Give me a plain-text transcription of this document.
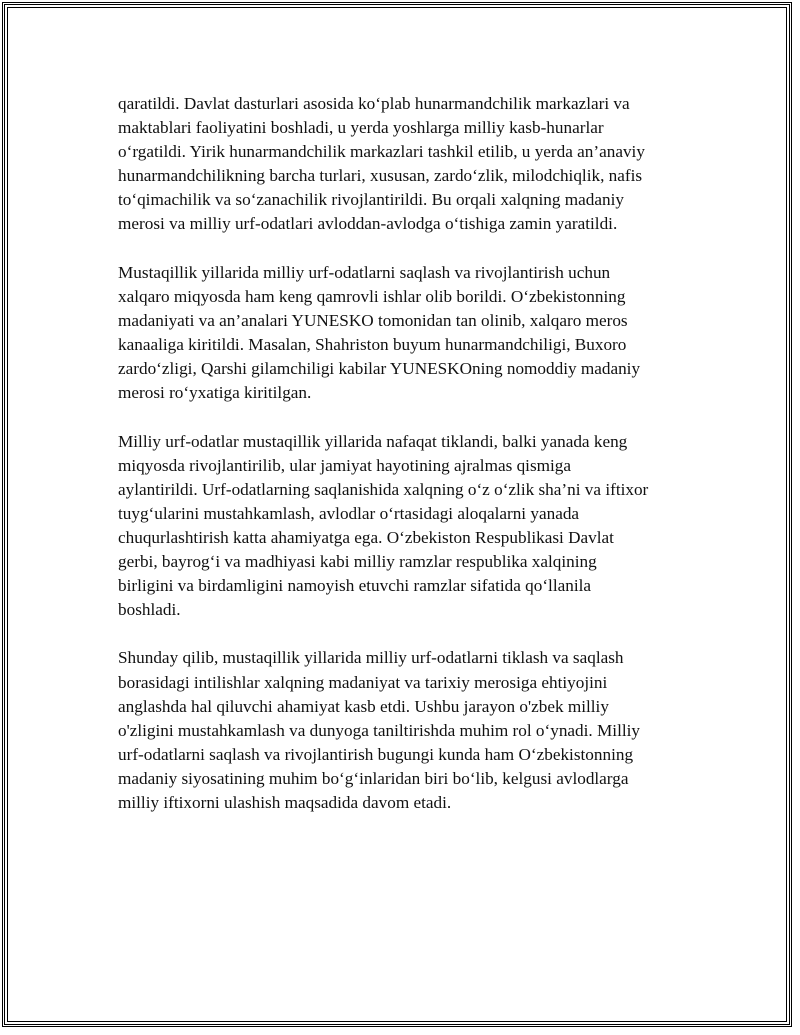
qaratildi. Davlat dasturlari asosida ko‘plab hunarmandchilik markazlari va
maktablari faoliyatini boshladi, u yerda yoshlarga milliy kasb-hunarlar
o‘rgatildi. Yirik hunarmandchilik markazlari tashkil etilib, u yerda an’anaviy
hunarmandchilikning barcha turlari, xususan, zardo‘zlik, milodchiqlik, nafis
to‘qimachilik va so‘zanachilik rivojlantirildi. Bu orqali xalqning madaniy
merosi va milliy urf-odatlari avloddan-avlodga o‘tishiga zamin yaratildi.

Mustaqillik yillarida milliy urf-odatlarni saqlash va rivojlantirish uchun
xalqaro miqyosda ham keng qamrovli ishlar olib borildi. O‘zbekistonning
madaniyati va an’analari YUNESKO tomonidan tan olinib, xalqaro meros
kanaaliga kiritildi. Masalan, Shahriston buyum hunarmandchiligi, Buxoro
zardo‘zligi, Qarshi gilamchiligi kabilar YUNESKOning nomoddiy madaniy
merosi ro‘yxatiga kiritilgan.

Milliy urf-odatlar mustaqillik yillarida nafaqat tiklandi, balki yanada keng
miqyosda rivojlantirilib, ular jamiyat hayotining ajralmas qismiga
aylantirildi. Urf-odatlarning saqlanishida xalqning o‘z o‘zlik sha’ni va iftixor
tuyg‘ularini mustahkamlash, avlodlar o‘rtasidagi aloqalarni yanada
chuqurlashtirish katta ahamiyatga ega. O‘zbekiston Respublikasi Davlat
gerbi, bayrog‘i va madhiyasi kabi milliy ramzlar respublika xalqining
birligini va birdamligini namoyish etuvchi ramzlar sifatida qo‘llanila
boshladi.

Shunday qilib, mustaqillik yillarida milliy urf-odatlarni tiklash va saqlash
borasidagi intilishlar xalqning madaniyat va tarixiy merosiga ehtiyojini
anglashda hal qiluvchi ahamiyat kasb etdi. Ushbu jarayon o'zbek milliy
o'zligini mustahkamlash va dunyoga taniltirishda muhim rol o‘ynadi. Milliy
urf-odatlarni saqlash va rivojlantirish bugungi kunda ham O‘zbekistonning
madaniy siyosatining muhim bo‘g‘inlaridan biri bo‘lib, kelgusi avlodlarga
milliy iftixorni ulashish maqsadida davom etadi.
